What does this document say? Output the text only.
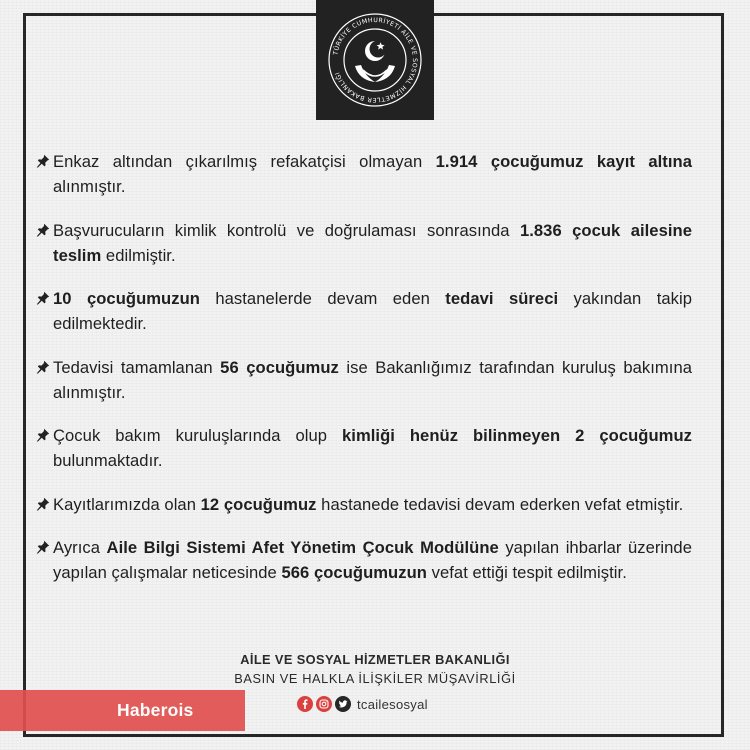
TÜRKİYE CUMHURİYETİ AİLE VE SOSYAL HİZMETLER BAKANLIĞI
Enkaz altından çıkarılmış refakatçisi olmayan 1.914 çocuğumuz kayıt altına alınmıştır.
Başvurucuların kimlik kontrolü ve doğrulaması sonrasında 1.836 çocuk ailesine teslim edilmiştir.
10 çocuğumuzun hastanelerde devam eden tedavi süreci yakından takip edilmektedir.
Tedavisi tamamlanan 56 çocuğumuz ise Bakanlığımız tarafından kuruluş bakımına alınmıştır.
Çocuk bakım kuruluşlarında olup kimliği henüz bilinmeyen 2 çocuğumuz bulunmaktadır.
Kayıtlarımızda olan 12 çocuğumuz hastanede tedavisi devam ederken vefat etmiştir.
Ayrıca Aile Bilgi Sistemi Afet Yönetim Çocuk Modülüne yapılan ihbarlar üzerinde yapılan çalışmalar neticesinde 566 çocuğumuzun vefat ettiği tespit edilmiştir.
AİLE VE SOSYAL HİZMETLER BAKANLIĞI
BASIN VE HALKLA İLİŞKİLER MÜŞAVİRLİĞİ
tcailesosyal
Haberois
